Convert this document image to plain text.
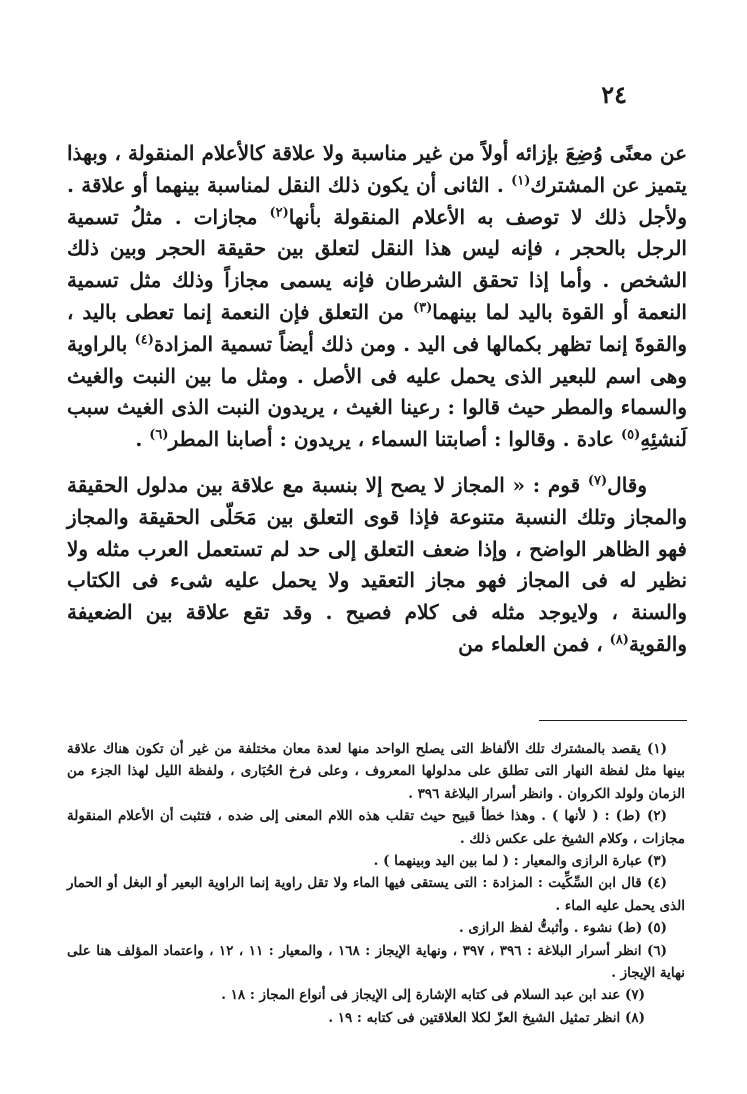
٢٤

عن معنًى وُضِعَ بإزائه أولاً من غير مناسبة ولا علاقة كالأعلام المنقولة ، وبهذا يتميز عن المشترك$^{(١)}$ . الثانى أن يكون ذلك النقل لمناسبة بينهما أو علاقة . ولأجل ذلك لا توصف به الأعلام المنقولة بأنها$^{(٢)}$ مجازات . مثلُ تسمية الرجل بالحجر ، فإنه ليس هذا النقل لتعلق بين حقيقة الحجر وبين ذلك الشخص . وأما إذا تحقق الشرطان فإنه يسمى مجازاً وذلك مثل تسمية النعمة أو القوة باليد لما بينهما$^{(٣)}$ من التعلق فإن النعمة إنما تعطى باليد ، والقوةَ إنما تظهر بكمالها فى اليد . ومن ذلك أيضاً تسمية المزادة$^{(٤)}$ بالراوية وهى اسم للبعير الذى يحمل عليه فى الأصل . ومثل ما بين النبت والغيث والسماء والمطر حيث قالوا : رعينا الغيث ، يريدون النبت الذى الغيث سبب لَنشئِهِ$^{(٥)}$ عادة . وقالوا : أصابتنا السماء ، يريدون : أصابنا المطر$^{(٦)}$ .

وقال$^{(٧)}$ قوم : « المجاز لا يصح إلا بنسبة مع علاقة بين مدلول الحقيقة والمجاز وتلك النسبة متنوعة فإذا قوى التعلق بين مَحَلّى الحقيقة والمجاز فهو الظاهر الواضح ، وإذا ضعف التعلق إلى حد لم تستعمل العرب مثله ولا نظير له فى المجاز فهو مجاز التعقيد ولا يحمل عليه شىء فى الكتاب والسنة ، ولايوجد مثله فى كلام فصيح . وقد تقع علاقة بين الضعيفة والقوية$^{(٨)}$ ، فمن العلماء من

(١) يقصد بالمشترك تلك الألفاظ التى يصلح الواحد منها لعدة معان مختلفة من غير أن تكون هناك علاقة بينها مثل لفظة النهار التى تطلق على مدلولها المعروف ، وعلى فرخ الحُبَارى ، ولفظة الليل لهذا الجزء من الزمان ولولد الكروان . وانظر أسرار البلاغة ٣٩٦ .

(٢) (ط) : ( لأنها ) . وهذا خطأ قبيح حيث تقلب هذه اللام المعنى إلى ضده ، فتثبت أن الأعلام المنقولة مجازات ، وكلام الشيخ على عكس ذلك .

(٣) عبارة الرازى والمعيار : ( لما بين اليد وبينهما ) .

(٤) قال ابن السِّكِّيت : المزادة : التى يستقى فيها الماء ولا تقل راوية إنما الراوية البعير أو البغل أو الحمار الذى يحمل عليه الماء .

(٥) (ط) نشوء . وأثبتُّ لفظ الرازى .

(٦) انظر أسرار البلاغة : ٣٩٦ ، ٣٩٧ ، ونهاية الإيجاز : ١٦٨ ، والمعيار : ١١ ، ١٢ ، واعتماد المؤلف هنا على نهاية الإيجاز .

(٧) عند ابن عبد السلام فى كتابه الإشارة إلى الإيجاز فى أنواع المجاز : ١٨ .

(٨) انظر تمثيل الشيخ العزّ لكلا العلاقتين فى كتابه : ١٩ .
